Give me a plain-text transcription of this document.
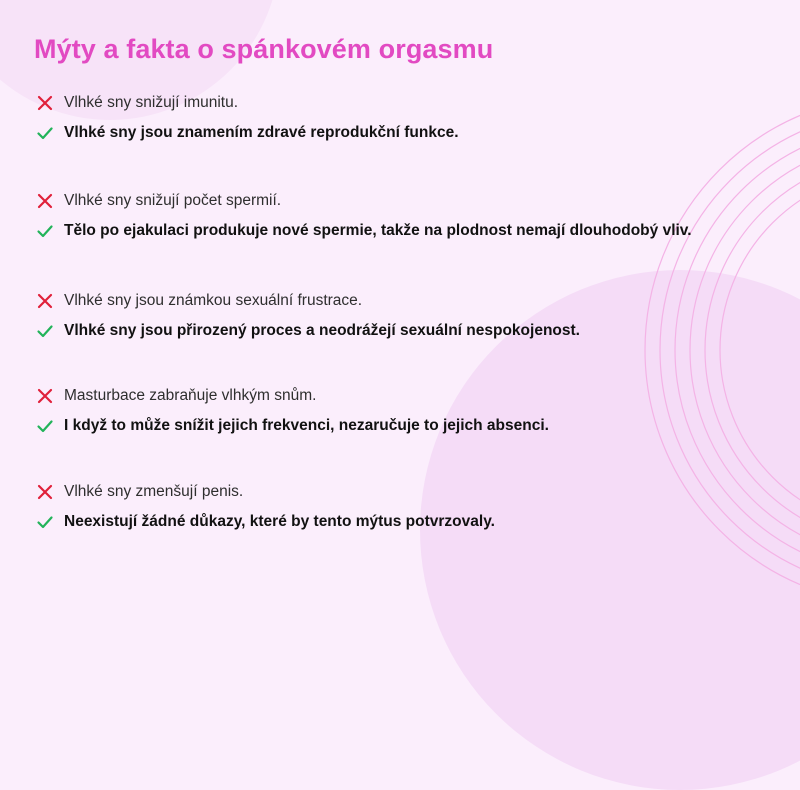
Mýty a fakta o spánkovém orgasmu
Vlhké sny snižují imunitu.
Vlhké sny jsou znamením zdravé reprodukční funkce.
Vlhké sny snižují počet spermií.
Tělo po ejakulaci produkuje nové spermie, takže na plodnost nemají dlouhodobý vliv.
Vlhké sny jsou známkou sexuální frustrace.
Vlhké sny jsou přirozený proces a neodrážejí sexuální nespokojenost.
Masturbace zabraňuje vlhkým snům.
I když to může snížit jejich frekvenci, nezaručuje to jejich absenci.
Vlhké sny zmenšují penis.
Neexistují žádné důkazy, které by tento mýtus potvrzovaly.
